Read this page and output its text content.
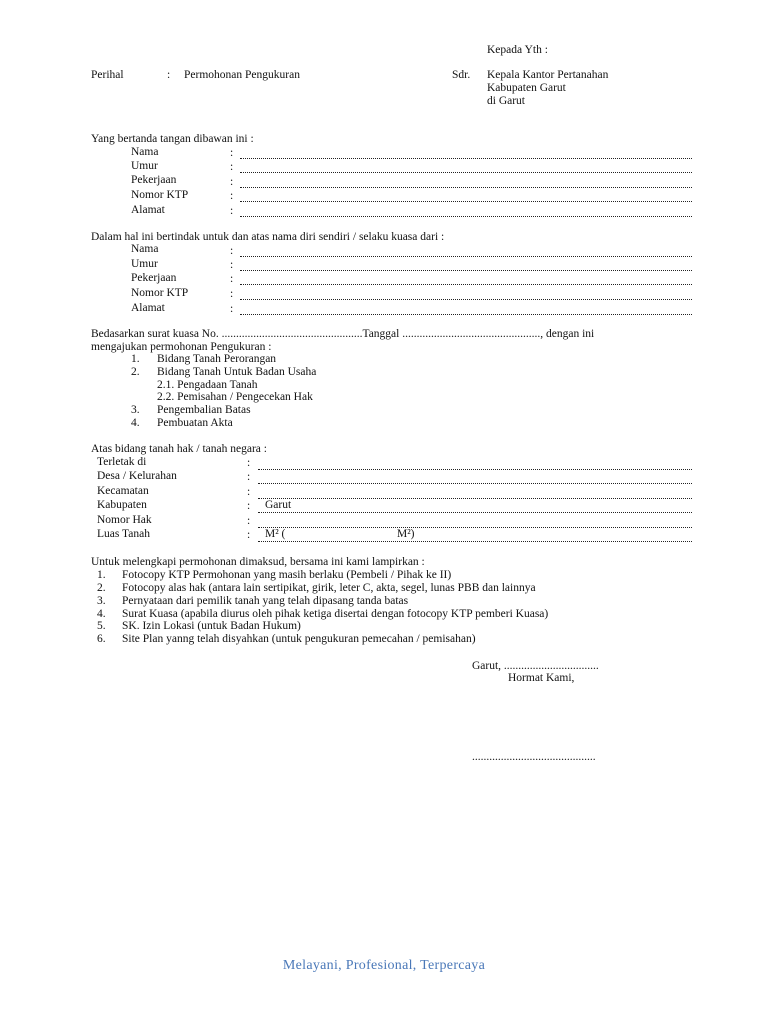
Kepada Yth :
Perihal	: Permohonan Pengukuran	Sdr. Kepala Kantor Pertanahan
Kabupaten Garut
di Garut
Yang bertanda tangan dibawan ini :
Nama	:
Umur	:
Pekerjaan	:
Nomor KTP	:
Alamat	:
Dalam hal ini bertindak untuk dan atas nama diri sendiri / selaku kuasa dari :
Nama	:
Umur	:
Pekerjaan	:
Nomor KTP	:
Alamat	:
Bedasarkan surat kuasa No. .................................................Tanggal ................................................, dengan ini
mengajukan permohonan Pengukuran :
1. Bidang Tanah Perorangan
2. Bidang Tanah Untuk Badan Usaha
2.1. Pengadaan Tanah
2.2. Pemisahan / Pengecekan Hak
3. Pengembalian Batas
4. Pembuatan Akta
Atas bidang tanah hak / tanah negara :
Terletak di	:
Desa / Kelurahan	:
Kecamatan	:
Kabupaten	: Garut
Nomor Hak	:
Luas Tanah	: M² (	M²)
Untuk melengkapi permohonan dimaksud, bersama ini kami lampirkan :
1. Fotocopy KTP Permohonan yang masih berlaku (Pembeli / Pihak ke II)
2. Fotocopy alas hak (antara lain sertipikat, girik, leter C, akta, segel, lunas PBB dan lainnya
3. Pernyataan dari pemilik tanah yang telah dipasang tanda batas
4. Surat Kuasa (apabila diurus oleh pihak ketiga disertai dengan fotocopy KTP pemberi Kuasa)
5. SK. Izin Lokasi (untuk Badan Hukum)
6. Site Plan yanng telah disyahkan (untuk pengukuran pemecahan / pemisahan)
Garut, .................................
Hormat Kami,
...........................................
Melayani, Profesional, Terpercaya
